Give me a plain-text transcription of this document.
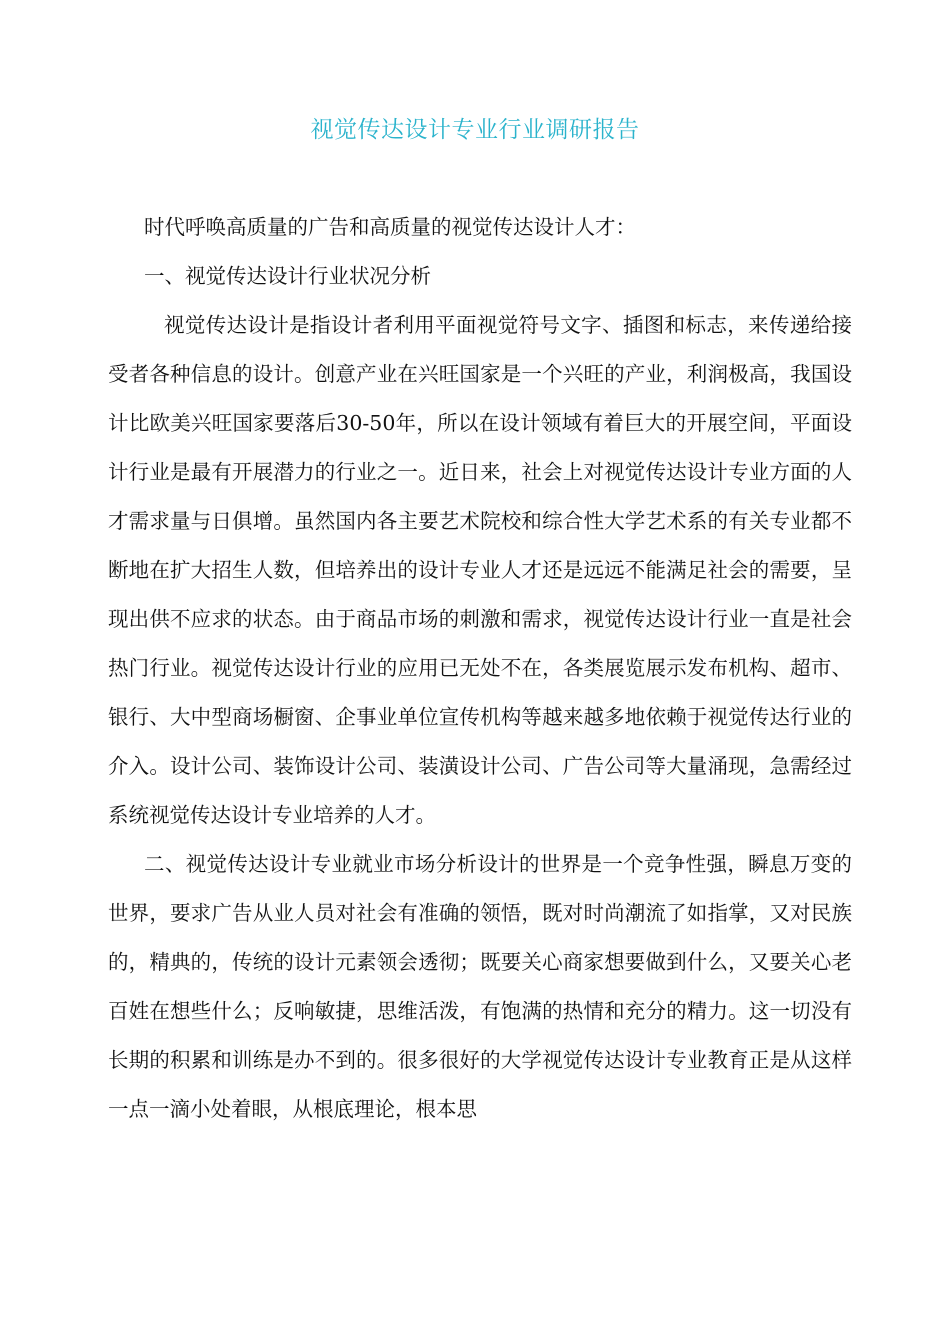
视觉传达设计专业行业调研报告

时代呼唤高质量的广告和高质量的视觉传达设计人才：

一、视觉传达设计行业状况分析

视觉传达设计是指设计者利用平面视觉符号文字、插图和标志，来传递给接受者各种信息的设计。创意产业在兴旺国家是一个兴旺的产业，利润极高，我国设计比欧美兴旺国家要落后30-50年，所以在设计领域有着巨大的开展空间，平面设计行业是最有开展潜力的行业之一。近日来，社会上对视觉传达设计专业方面的人才需求量与日俱增。虽然国内各主要艺术院校和综合性大学艺术系的有关专业都不断地在扩大招生人数，但培养出的设计专业人才还是远远不能满足社会的需要，呈现出供不应求的状态。由于商品市场的刺激和需求，视觉传达设计行业一直是社会热门行业。视觉传达设计行业的应用已无处不在，各类展览展示发布机构、超市、银行、大中型商场橱窗、企事业单位宣传机构等越来越多地依赖于视觉传达行业的介入。设计公司、装饰设计公司、装潢设计公司、广告公司等大量涌现，急需经过系统视觉传达设计专业培养的人才。

二、视觉传达设计专业就业市场分析设计的世界是一个竞争性强，瞬息万变的世界，要求广告从业人员对社会有准确的领悟，既对时尚潮流了如指掌，又对民族的，精典的，传统的设计元素领会透彻；既要关心商家想要做到什么，又要关心老百姓在想些什么；反响敏捷，思维活泼，有饱满的热情和充分的精力。这一切没有长期的积累和训练是办不到的。很多很好的大学视觉传达设计专业教育正是从这样一点一滴小处着眼，从根底理论，根本思
